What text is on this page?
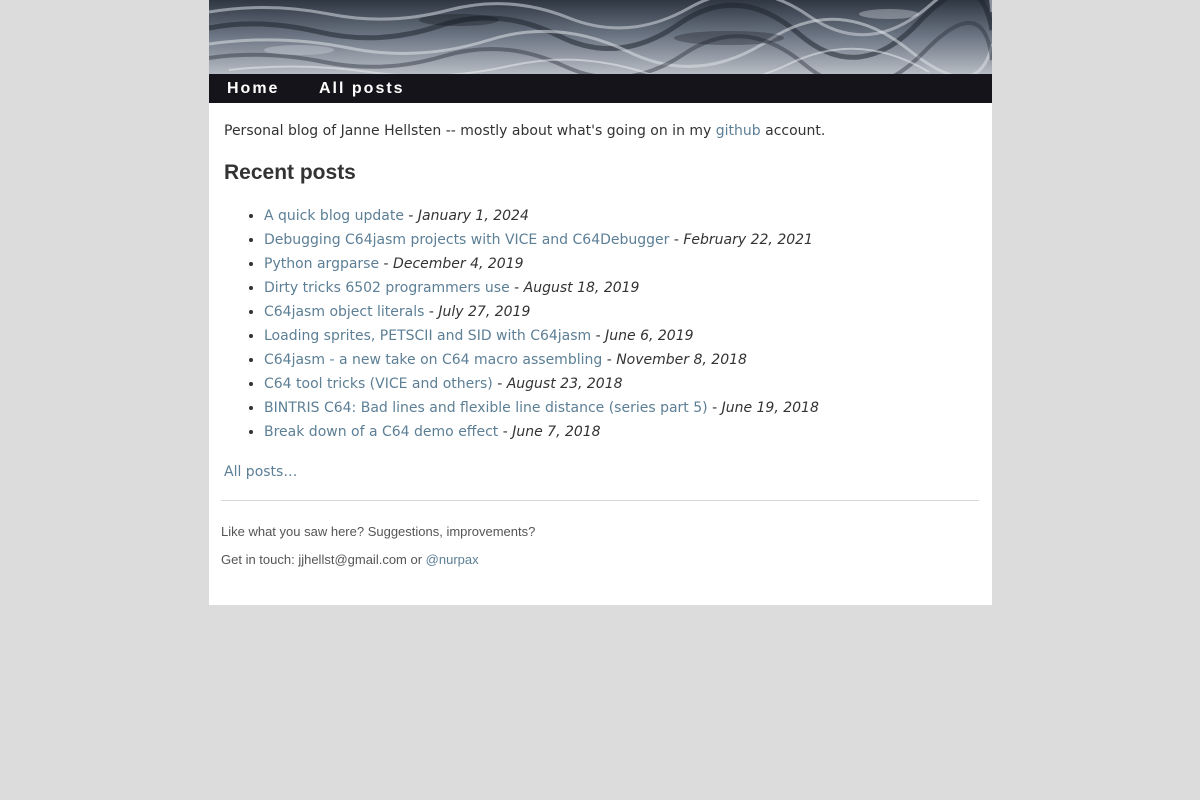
Home All posts

Personal blog of Janne Hellsten -- mostly about what's going on in my github account.

Recent posts
• A quick blog update - January 1, 2024
• Debugging C64jasm projects with VICE and C64Debugger - February 22, 2021
• Python argparse - December 4, 2019
• Dirty tricks 6502 programmers use - August 18, 2019
• C64jasm object literals - July 27, 2019
• Loading sprites, PETSCII and SID with C64jasm - June 6, 2019
• C64jasm - a new take on C64 macro assembling - November 8, 2018
• C64 tool tricks (VICE and others) - August 23, 2018
• BINTRIS C64: Bad lines and flexible line distance (series part 5) - June 19, 2018
• Break down of a C64 demo effect - June 7, 2018
All posts…

Like what you saw here? Suggestions, improvements?

Get in touch: jjhellst@gmail.com or @nurpax
